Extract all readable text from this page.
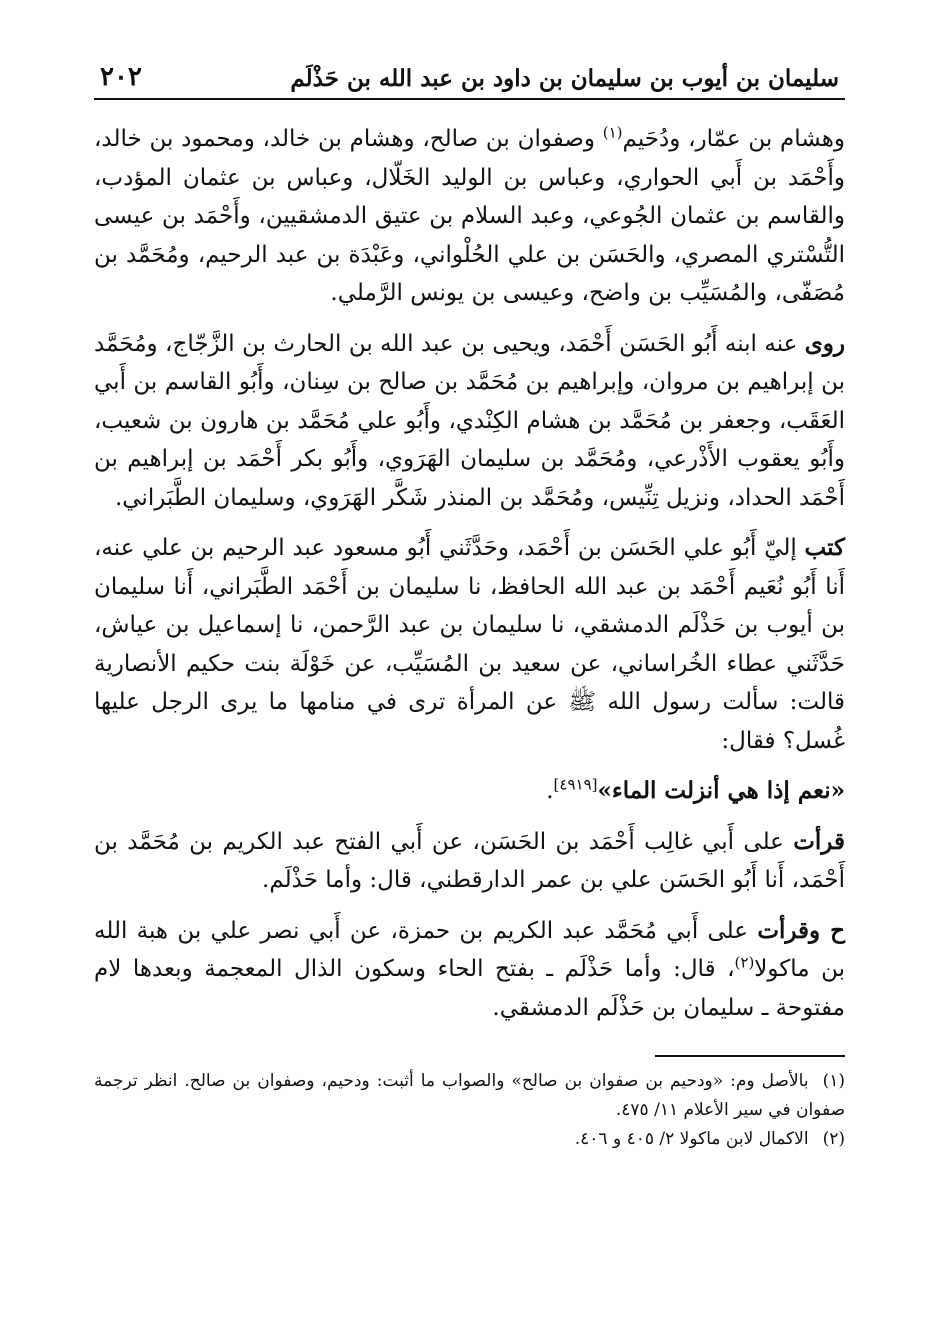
سليمان بن أيوب بن سليمان بن داود بن عبد الله بن حَذْلَم
٢٠٢

وهشام بن عمّار، ودُحَيم$^{(١)}$ وصفوان بن صالح، وهشام بن خالد، ومحمود بن خالد، وأَحْمَد بن أَبي الحواري، وعباس بن الوليد الخَلّال، وعباس بن عثمان المؤدب، والقاسم بن عثمان الجُوعي، وعبد السلام بن عتيق الدمشقيين، وأَحْمَد بن عيسى التُّسْتري المصري، والحَسَن بن علي الحُلْواني، وعَبْدَة بن عبد الرحيم، ومُحَمَّد بن مُصَفّى، والمُسَيِّب بن واضح، وعيسى بن يونس الرَّملي.

روى عنه ابنه أَبُو الحَسَن أَحْمَد، ويحيى بن عبد الله بن الحارث بن الزَّجّاج، ومُحَمَّد بن إبراهيم بن مروان، وإبراهيم بن مُحَمَّد بن صالح بن سِنان، وأَبُو القاسم بن أَبي العَقَب، وجعفر بن مُحَمَّد بن هشام الكِنْدي، وأَبُو علي مُحَمَّد بن هارون بن شعيب، وأَبُو يعقوب الأَذْرعي، ومُحَمَّد بن سليمان الهَرَوي، وأَبُو بكر أَحْمَد بن إبراهيم بن أَحْمَد الحداد، ونزيل تِنِّيس، ومُحَمَّد بن المنذر شَكَّر الهَرَوي، وسليمان الطَّبَراني.

كتب إليّ أَبُو علي الحَسَن بن أَحْمَد، وحَدَّثَني أَبُو مسعود عبد الرحيم بن علي عنه، أَنا أَبُو نُعَيم أَحْمَد بن عبد الله الحافظ، نا سليمان بن أَحْمَد الطَّبَراني، أَنا سليمان بن أيوب بن حَذْلَم الدمشقي، نا سليمان بن عبد الرَّحمن، نا إسماعيل بن عياش، حَدَّثَني عطاء الخُراساني، عن سعيد بن المُسَيِّب، عن خَوْلَة بنت حكيم الأنصارية قالت: سألت رسول الله ﷺ عن المرأة ترى في منامها ما يرى الرجل عليها غُسل؟ فقال:

«نعم إذا هي أنزلت الماء»[٤٩١٩].

قرأت على أَبي غالِب أَحْمَد بن الحَسَن، عن أَبي الفتح عبد الكريم بن مُحَمَّد بن أَحْمَد، أَنا أَبُو الحَسَن علي بن عمر الدارقطني، قال: وأما حَذْلَم.

ح وقرأت على أَبي مُحَمَّد عبد الكريم بن حمزة، عن أَبي نصر علي بن هبة الله بن ماكولا$^{(٢)}$، قال: وأما حَذْلَم ـ بفتح الحاء وسكون الذال المعجمة وبعدها لام مفتوحة ـ سليمان بن حَذْلَم الدمشقي.

(١)بالأصل وم: «ودحيم بن صفوان بن صالح» والصواب ما أثبت: ودحيم، وصفوان بن صالح. انظر ترجمة صفوان في سير الأعلام ١١/ ٤٧٥.

(٢)الاكمال لابن ماكولا ٢/ ٤٠٥ و ٤٠٦.
